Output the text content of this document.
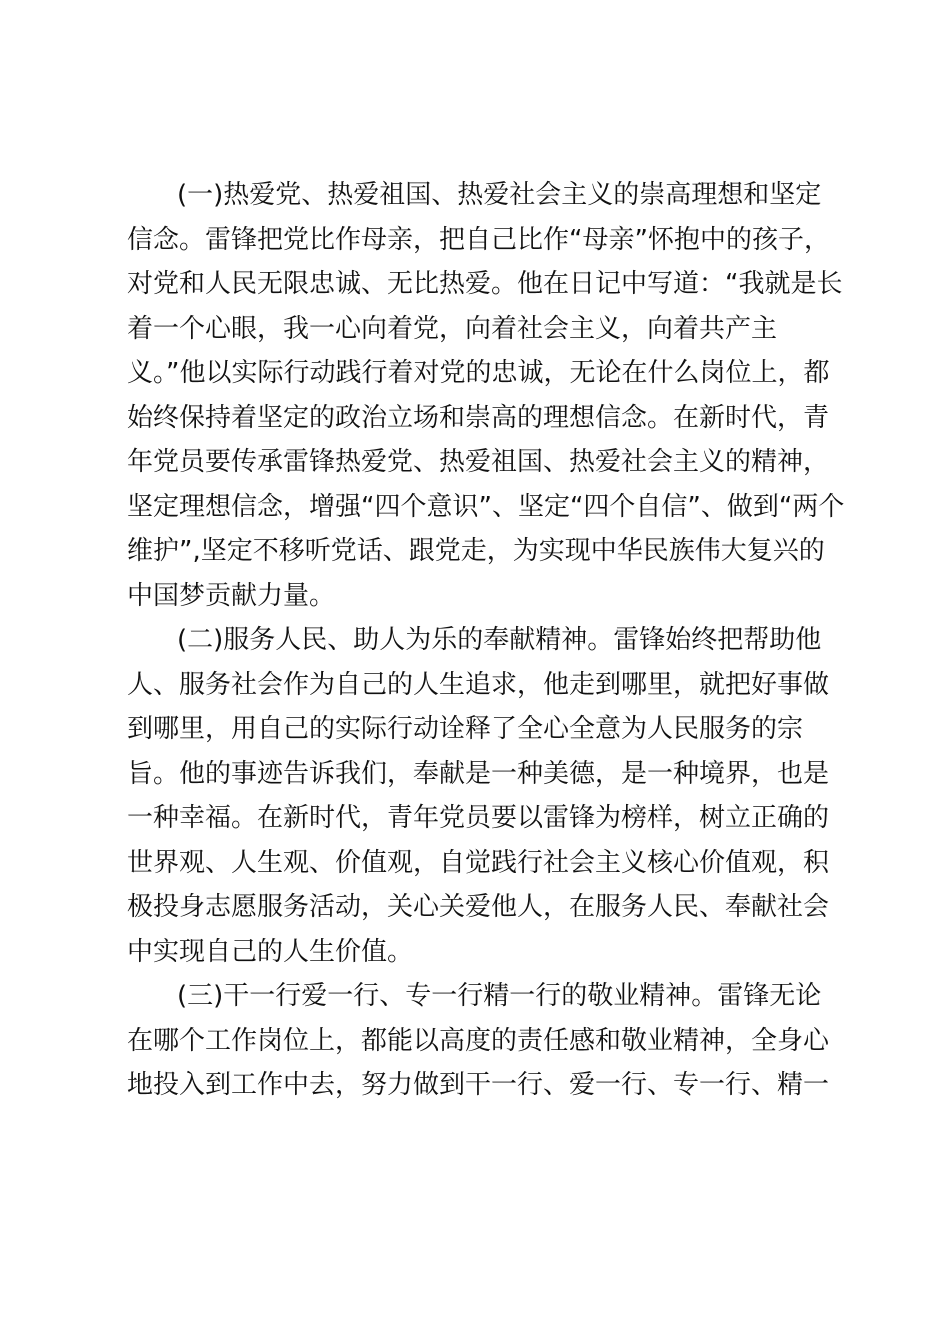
(一)热爱党、热爱祖国、热爱社会主义的崇高理想和坚定
信念。雷锋把党比作母亲，把自己比作“母亲”怀抱中的孩子，
对党和人民无限忠诚、无比热爱。他在日记中写道：“我就是长
着一个心眼，我一心向着党，向着社会主义，向着共产主
义。”他以实际行动践行着对党的忠诚，无论在什么岗位上，都
始终保持着坚定的政治立场和崇高的理想信念。在新时代，青
年党员要传承雷锋热爱党、热爱祖国、热爱社会主义的精神，
坚定理想信念，增强“四个意识”、坚定“四个自信”、做到“两个
维护”,坚定不移听党话、跟党走，为实现中华民族伟大复兴的
中国梦贡献力量。
(二)服务人民、助人为乐的奉献精神。雷锋始终把帮助他
人、服务社会作为自己的人生追求，他走到哪里，就把好事做
到哪里，用自己的实际行动诠释了全心全意为人民服务的宗
旨。他的事迹告诉我们，奉献是一种美德，是一种境界，也是
一种幸福。在新时代，青年党员要以雷锋为榜样，树立正确的
世界观、人生观、价值观，自觉践行社会主义核心价值观，积
极投身志愿服务活动，关心关爱他人，在服务人民、奉献社会
中实现自己的人生价值。
(三)干一行爱一行、专一行精一行的敬业精神。雷锋无论
在哪个工作岗位上，都能以高度的责任感和敬业精神，全身心
地投入到工作中去，努力做到干一行、爱一行、专一行、精一
